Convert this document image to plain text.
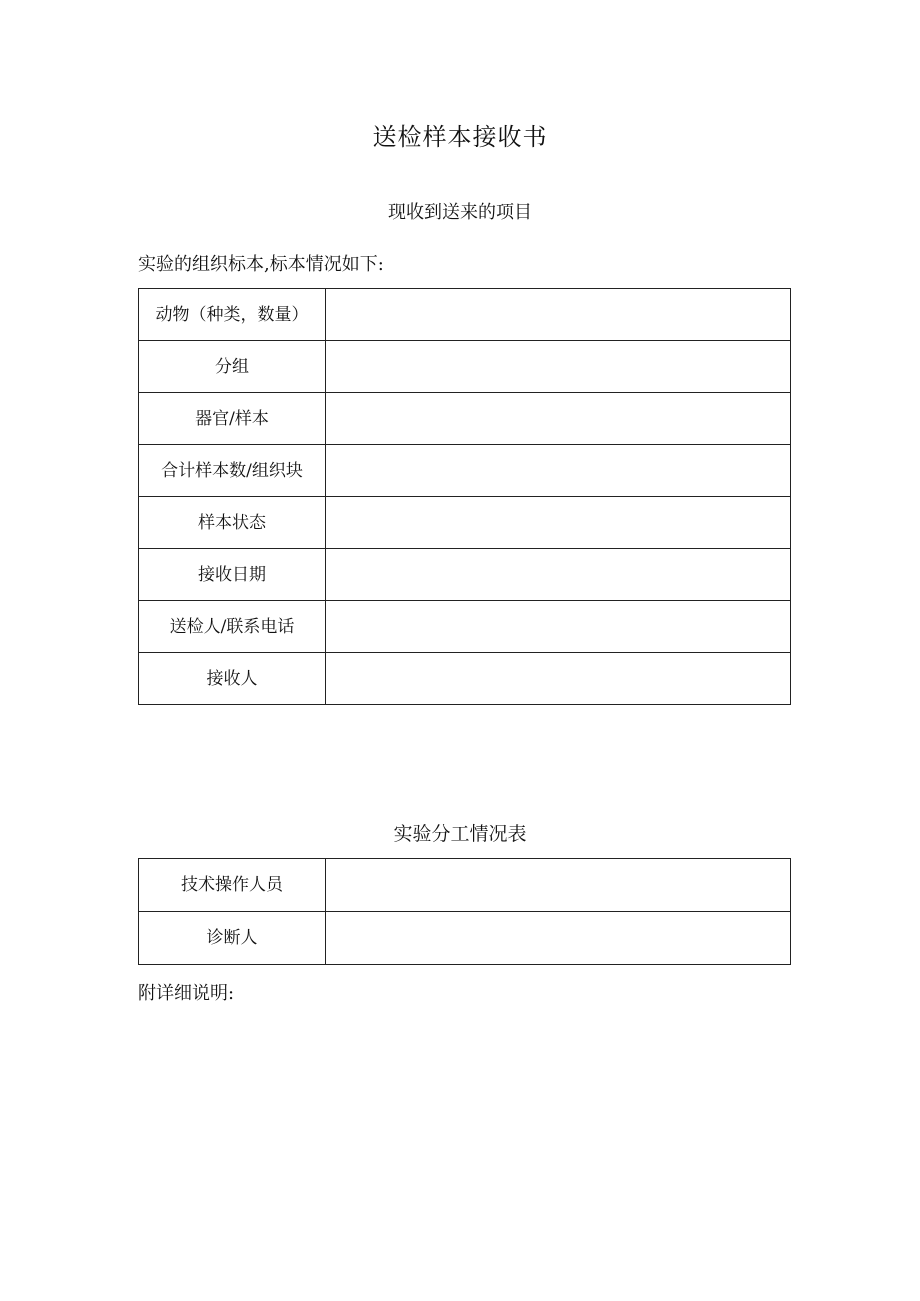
送检样本接收书
现收到送来的项目
实验的组织标本,标本情况如下:
动物（种类，数量）	
分组	
器官/样本	
合计样本数/组织块	
样本状态	
接收日期	
送检人/联系电话	
接收人	
实验分工情况表
技术操作人员	
诊断人	
附详细说明:
